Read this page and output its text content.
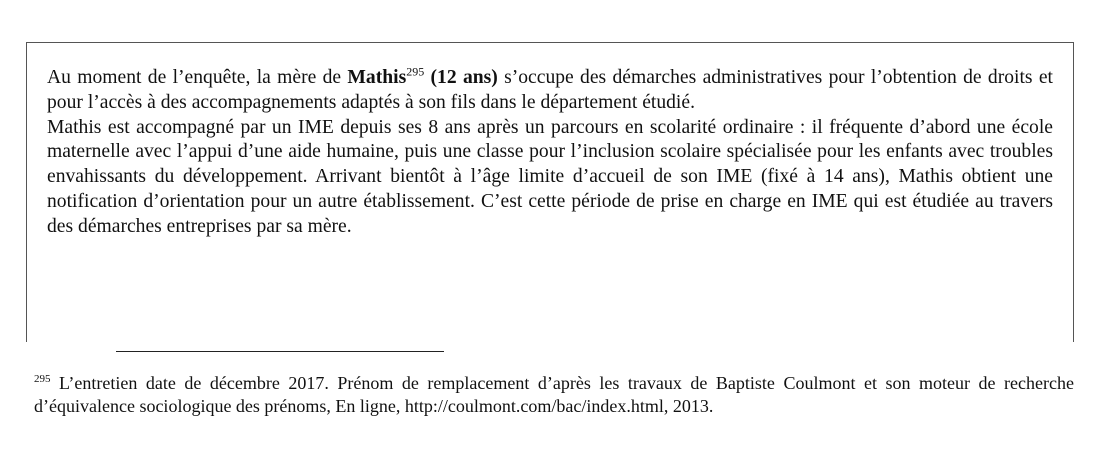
Au moment de l’enquête, la mère de Mathis$^{295}$ (12 ans) s’occupe des démarches administratives pour l’obtention de droits et pour l’accès à des accompagnements adaptés à son fils dans le département étudié.

Mathis est accompagné par un IME depuis ses 8 ans après un parcours en scolarité ordinaire : il fréquente d’abord une école maternelle avec l’appui d’une aide humaine, puis une classe pour l’inclusion scolaire spécialisée pour les enfants avec troubles envahissants du développement. Arrivant bientôt à l’âge limite d’accueil de son IME (fixé à 14 ans), Mathis obtient une notification d’orientation pour un autre établissement. C’est cette période de prise en charge en IME qui est étudiée au travers des démarches entreprises par sa mère.

$^{295}$ L’entretien date de décembre 2017. Prénom de remplacement d’après les travaux de Baptiste Coulmont et son moteur de recherche d’équivalence sociologique des prénoms, En ligne, http://coulmont.com/bac/index.html, 2013.
